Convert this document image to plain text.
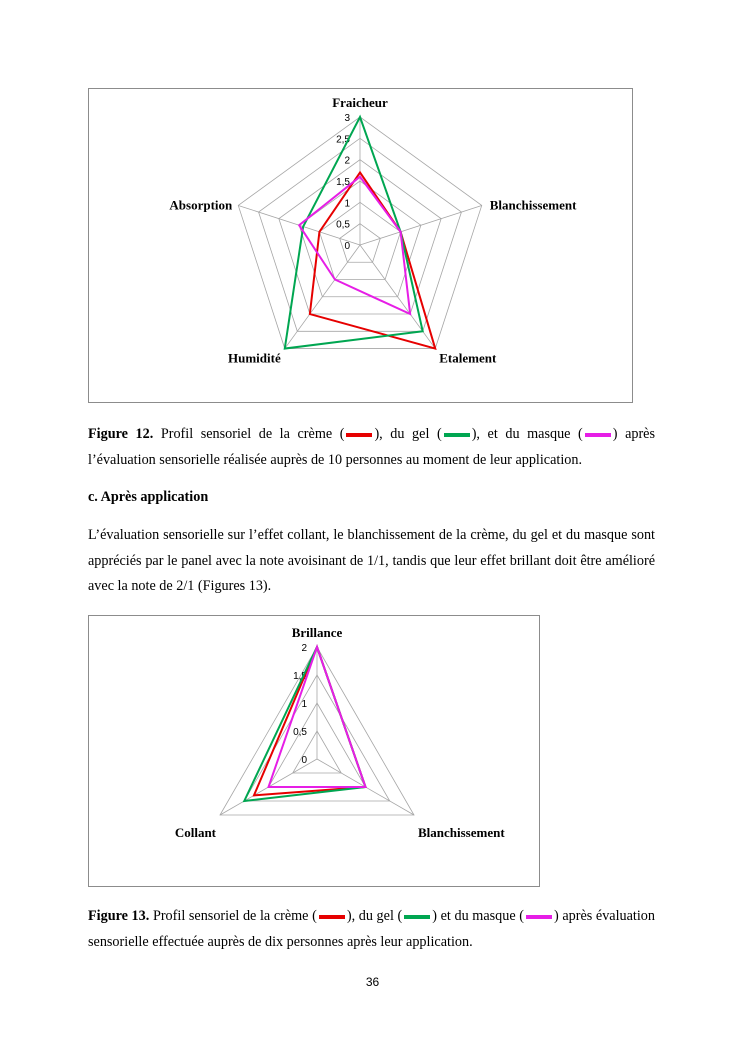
0
0,5
1
1,5
2
2,5
3
Fraicheur
Blanchissement
Etalement
Humidité
Absorption
Figure 12. Profil sensoriel de la crème ( ), du gel ( ), et du masque ( ) après l’évaluation sensorielle réalisée auprès de 10 personnes au moment de leur application.
c. Après application
L’évaluation sensorielle sur l’effet collant, le blanchissement de la crème, du gel et du masque sont appréciés par le panel avec la note avoisinant de 1/1, tandis que leur effet brillant doit être amélioré avec la note de 2/1 (Figures 13).
0
0,5
1
1,5
2
Brillance
Blanchissement
Collant
Figure 13. Profil sensoriel de la crème ( ), du gel ( ) et du masque ( ) après évaluation sensorielle effectuée auprès de dix personnes après leur application.
36
